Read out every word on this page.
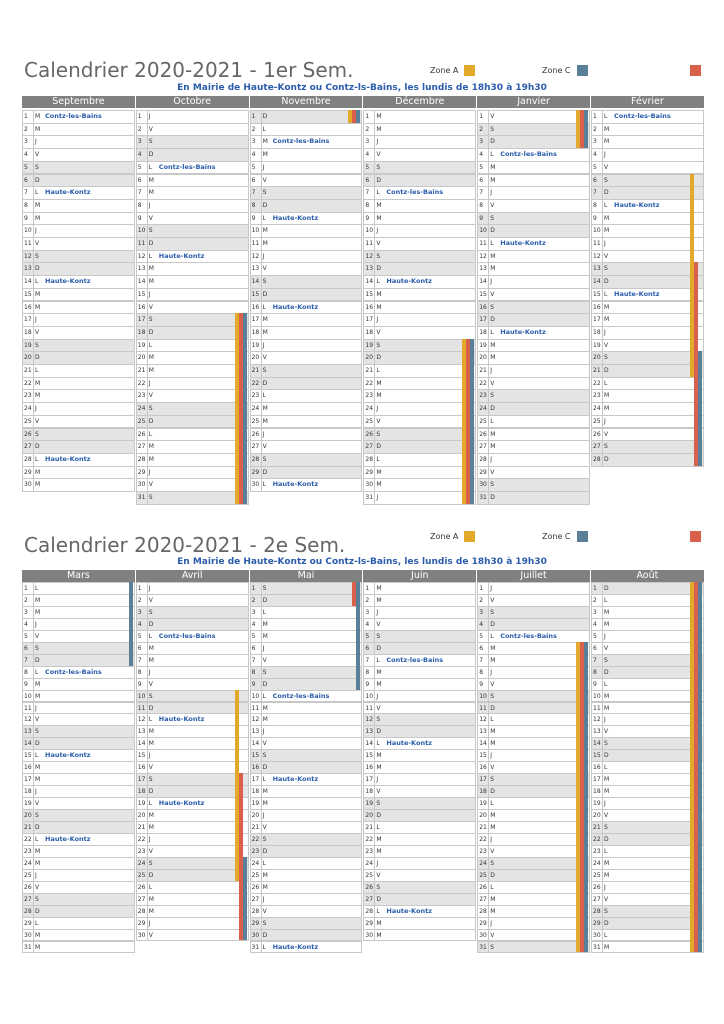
Calendrier 2020-2021 - 1er Sem.	Zone A	Zone C
En Mairie de Haute-Kontz ou Contz-ls-Bains, les lundis de 18h30 à 19h30
Septembre
1 M Contz-les-Bains
2 M
3 J
4 V
5 S
6 D
7 L Haute-Kontz
8 M
9 M
10 J
11 V
12 S
13 D
14 L Haute-Kontz
15 M
16 M
17 J
18 V
19 S
20 D
21 L
22 M
23 M
24 J
25 V
26 S
27 D
28 L Haute-Kontz
29 M
30 M
Octobre
1 J
2 V
3 S
4 D
5 L Contz-les-Bains
6 M
7 M
8 J
9 V
10 S
11 D
12 L Haute-Kontz
13 M
14 M
15 J
16 V
17 S
18 D
19 L
20 M
21 M
22 J
23 V
24 S
25 D
26 L
27 M
28 M
29 J
30 V
31 S
Novembre
1 D
2 L
3 M Contz-les-Bains
4 M
5 J
6 V
7 S
8 D
9 L Haute-Kontz
10 M
11 M
12 J
13 V
14 S
15 D
16 L Haute-Kontz
17 M
18 M
19 J
20 V
21 S
22 D
23 L
24 M
25 M
26 J
27 V
28 S
29 D
30 L Haute-Kontz
Décembre
1 M
2 M
3 J
4 V
5 S
6 D
7 L Contz-les-Bains
8 M
9 M
10 J
11 V
12 S
13 D
14 L Haute-Kontz
15 M
16 M
17 J
18 V
19 S
20 D
21 L
22 M
23 M
24 J
25 V
26 S
27 D
28 L
29 M
30 M
31 J
Janvier
1 V
2 S
3 D
4 L Contz-les-Bains
5 M
6 M
7 J
8 V
9 S
10 D
11 L Haute-Kontz
12 M
13 M
14 J
15 V
16 S
17 D
18 L Haute-Kontz
19 M
20 M
21 J
22 V
23 S
24 D
25 L
26 M
27 M
28 J
29 V
30 S
31 D
Février
1 L Contz-les-Bains
2 M
3 M
4 J
5 V
6 S
7 D
8 L Haute-Kontz
9 M
10 M
11 J
12 V
13 S
14 D
15 L Haute-Kontz
16 M
17 M
18 J
19 V
20 S
21 D
22 L
23 M
24 M
25 J
26 V
27 S
28 D
Calendrier 2020-2021 - 2e Sem.	Zone A	Zone C
En Mairie de Haute-Kontz ou Contz-ls-Bains, les lundis de 18h30 à 19h30
Mars
1 L
2 M
3 M
4 J
5 V
6 S
7 D
8 L Contz-les-Bains
9 M
10 M
11 J
12 V
13 S
14 D
15 L Haute-Kontz
16 M
17 M
18 J
19 V
20 S
21 D
22 L Haute-Kontz
23 M
24 M
25 J
26 V
27 S
28 D
29 L
30 M
31 M
Avril
1 J
2 V
3 S
4 D
5 L Contz-les-Bains
6 M
7 M
8 J
9 V
10 S
11 D
12 L Haute-Kontz
13 M
14 M
15 J
16 V
17 S
18 D
19 L Haute-Kontz
20 M
21 M
22 J
23 V
24 S
25 D
26 L
27 M
28 M
29 J
30 V
Mai
1 S
2 D
3 L
4 M
5 M
6 J
7 V
8 S
9 D
10 L Contz-les-Bains
11 M
12 M
13 J
14 V
15 S
16 D
17 L Haute-Kontz
18 M
19 M
20 J
21 V
22 S
23 D
24 L
25 M
26 M
27 J
28 V
29 S
30 D
31 L Haute-Kontz
Juin
1 M
2 M
3 J
4 V
5 S
6 D
7 L Contz-les-Bains
8 M
9 M
10 J
11 V
12 S
13 D
14 L Haute-Kontz
15 M
16 M
17 J
18 V
19 S
20 D
21 L
22 M
23 M
24 J
25 V
26 S
27 D
28 L Haute-Kontz
29 M
30 M
Juillet
1 J
2 V
3 S
4 D
5 L Contz-les-Bains
6 M
7 M
8 J
9 V
10 S
11 D
12 L
13 M
14 M
15 J
16 V
17 S
18 D
19 L
20 M
21 M
22 J
23 V
24 S
25 D
26 L
27 M
28 M
29 J
30 V
31 S
Août
1 D
2 L
3 M
4 M
5 J
6 V
7 S
8 D
9 L
10 M
11 M
12 J
13 V
14 S
15 D
16 L
17 M
18 M
19 J
20 V
21 S
22 D
23 L
24 M
25 M
26 J
27 V
28 S
29 D
30 L
31 M
